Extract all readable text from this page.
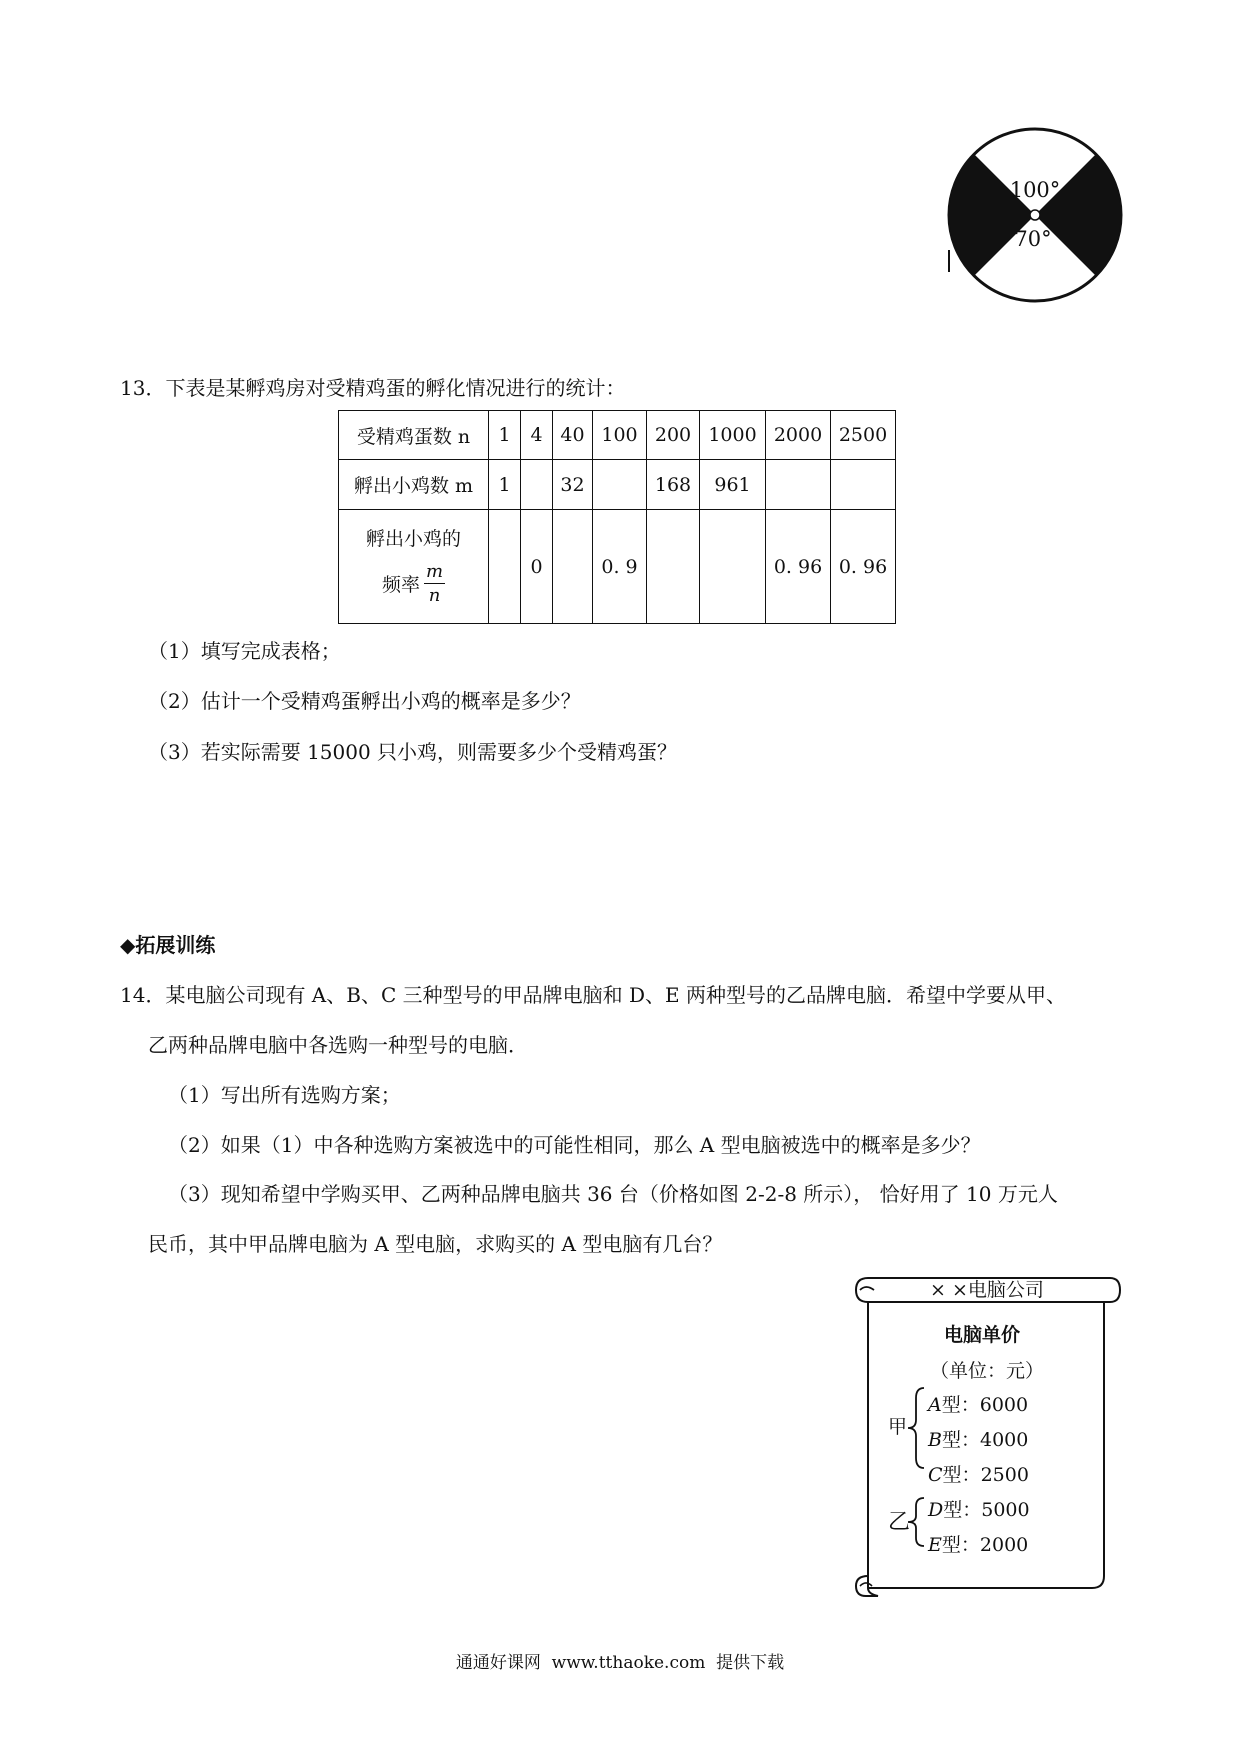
100°
70°
13．下表是某孵鸡房对受精鸡蛋的孵化情况进行的统计：
受精鸡蛋数 n	1	4	40	100	200	1000	2000	2500
孵出小鸡数 m	1		32		168	961		

孵出小鸡的
频率 $\frac{m}{n}$		0		0. 9			0. 96	0. 96
（1）填写完成表格；
（2）估计一个受精鸡蛋孵出小鸡的概率是多少？
（3）若实际需要 15000 只小鸡，则需要多少个受精鸡蛋？
◆拓展训练
14．某电脑公司现有 A、B、C 三种型号的甲品牌电脑和 D、E 两种型号的乙品牌电脑．希望中学要从甲、
乙两种品牌电脑中各选购一种型号的电脑．
（1）写出所有选购方案；
（2）如果（1）中各种选购方案被选中的可能性相同，那么 A 型电脑被选中的概率是多少？
（3）现知希望中学购买甲、乙两种品牌电脑共 36 台（价格如图 2-2-8 所示）， 恰好用了 10 万元人
民币，其中甲品牌电脑为 A 型电脑，求购买的 A 型电脑有几台？
× ×电脑公司
电脑单价
（单位：元）
甲
乙
A型：6000
B型：4000
C型：2500
D型：5000
E型：2000
通通好课网  www.tthaoke.com  提供下载
